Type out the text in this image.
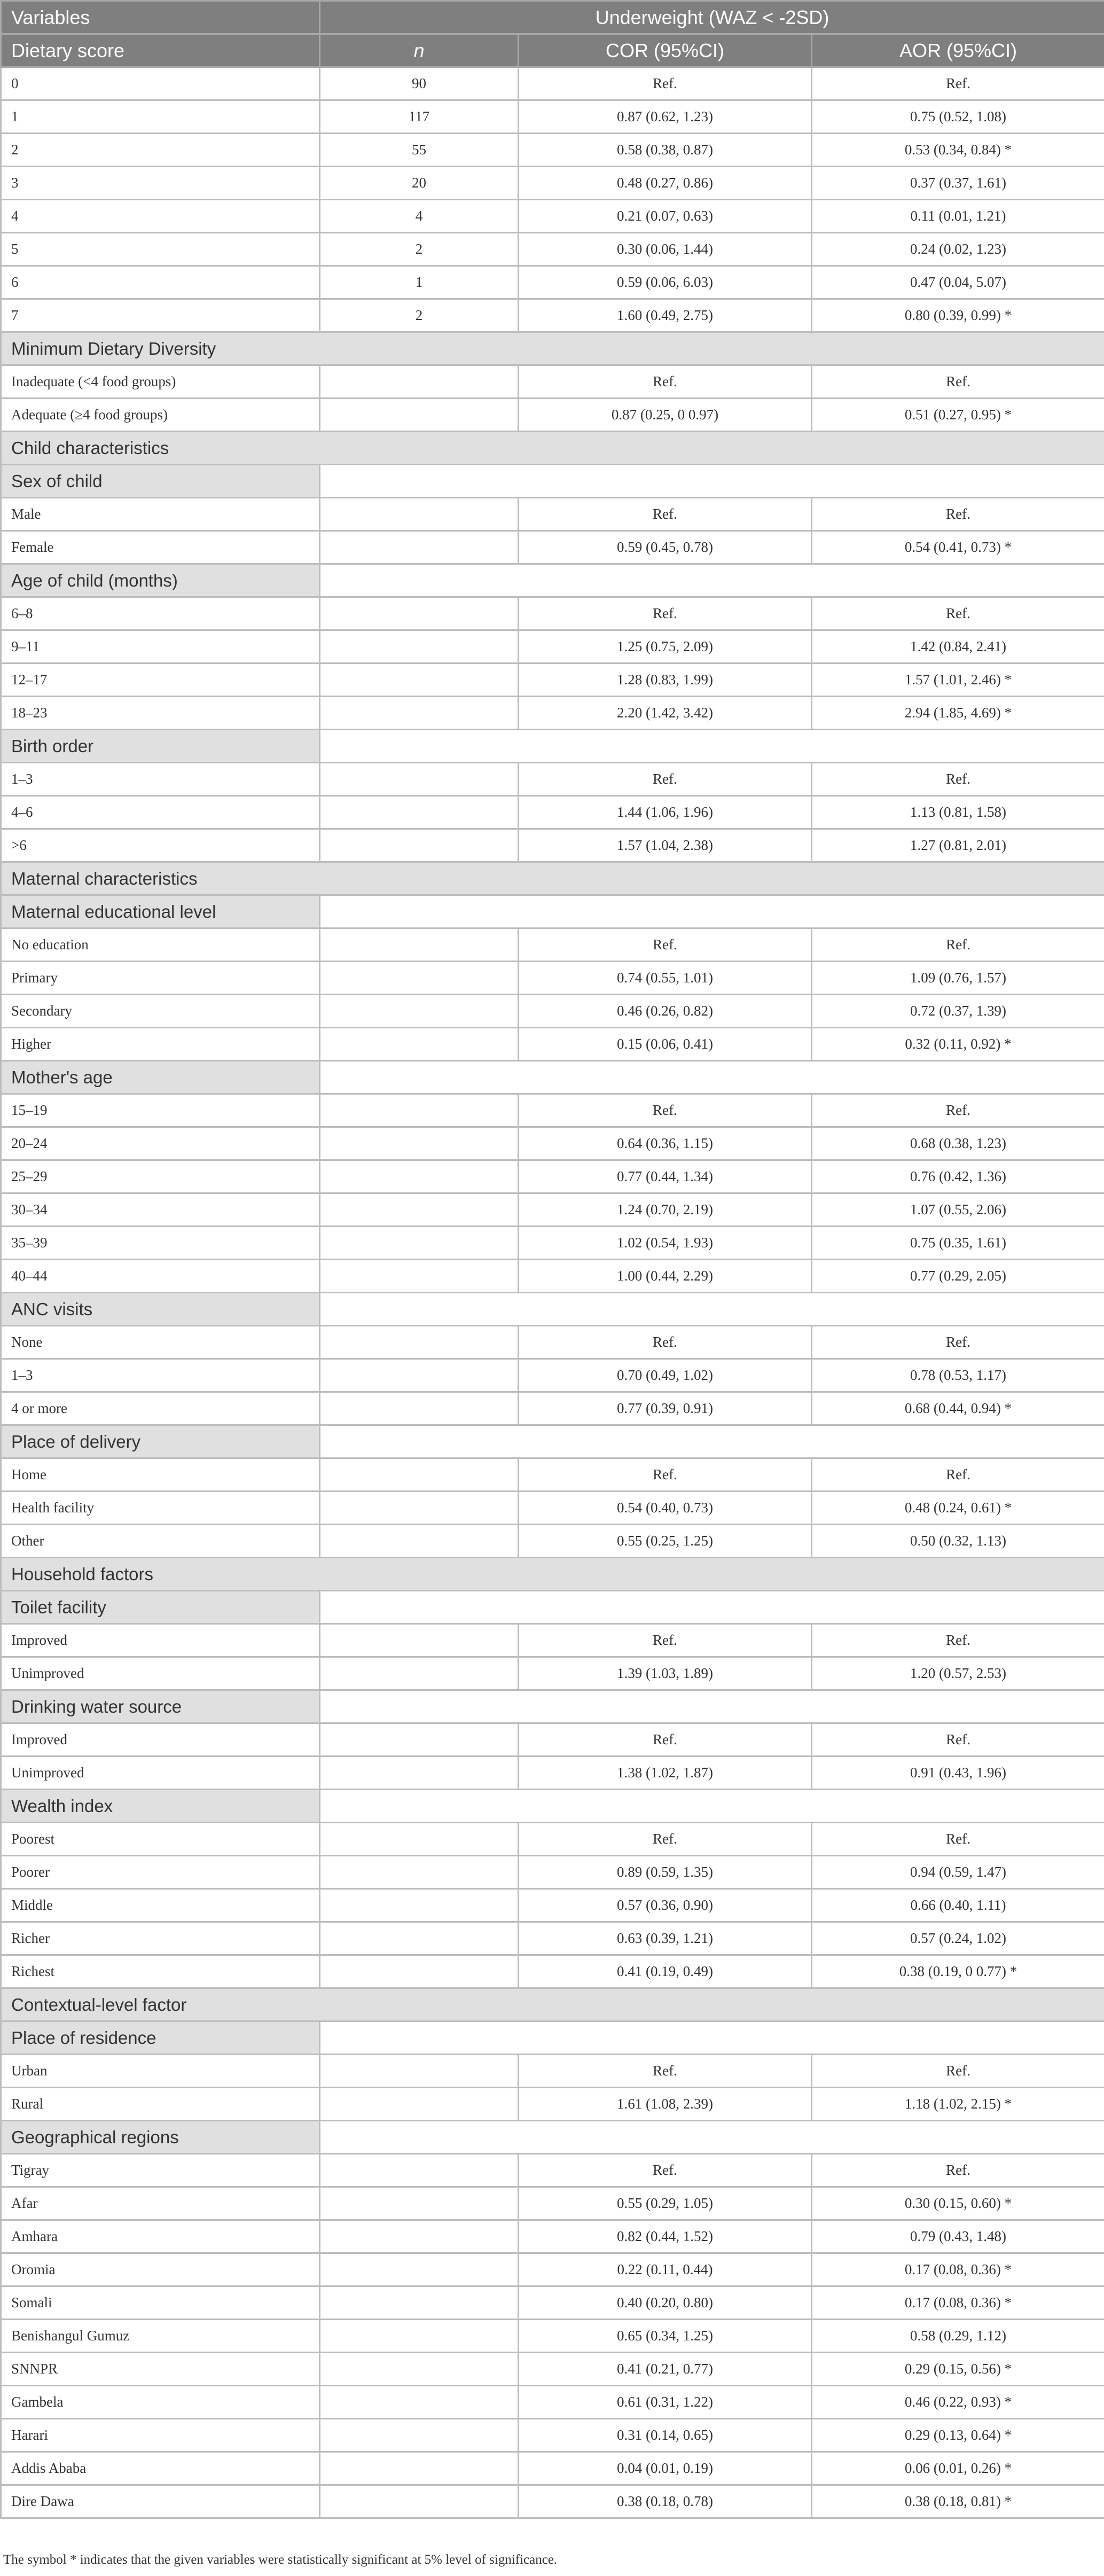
Variables	Underweight (WAZ < -2SD)		
Dietary score	n	COR (95%CI)	AOR (95%CI)
0	90	Ref.	Ref.
1	117	0.87 (0.62, 1.23)	0.75 (0.52, 1.08)
2	55	0.58 (0.38, 0.87)	0.53 (0.34, 0.84) *
3	20	0.48 (0.27, 0.86)	0.37 (0.37, 1.61)
4	4	0.21 (0.07, 0.63)	0.11 (0.01, 1.21)
5	2	0.30 (0.06, 1.44)	0.24 (0.02, 1.23)
6	1	0.59 (0.06, 6.03)	0.47 (0.04, 5.07)
7	2	1.60 (0.49, 2.75)	0.80 (0.39, 0.99) *
Minimum Dietary Diversity			
Inadequate (<4 food groups)		Ref.	Ref.
Adequate (≥4 food groups)		0.87 (0.25, 0 0.97)	0.51 (0.27, 0.95) *
Child characteristics			
Sex of child			
Male		Ref.	Ref.
Female		0.59 (0.45, 0.78)	0.54 (0.41, 0.73) *
Age of child (months)			
6–8		Ref.	Ref.
9–11		1.25 (0.75, 2.09)	1.42 (0.84, 2.41)
12–17		1.28 (0.83, 1.99)	1.57 (1.01, 2.46) *
18–23		2.20 (1.42, 3.42)	2.94 (1.85, 4.69) *
Birth order			
1–3		Ref.	Ref.
4–6		1.44 (1.06, 1.96)	1.13 (0.81, 1.58)
>6		1.57 (1.04, 2.38)	1.27 (0.81, 2.01)
Maternal characteristics			
Maternal educational level			
No education		Ref.	Ref.
Primary		0.74 (0.55, 1.01)	1.09 (0.76, 1.57)
Secondary		0.46 (0.26, 0.82)	0.72 (0.37, 1.39)
Higher		0.15 (0.06, 0.41)	0.32 (0.11, 0.92) *
Mother's age			
15–19		Ref.	Ref.
20–24		0.64 (0.36, 1.15)	0.68 (0.38, 1.23)
25–29		0.77 (0.44, 1.34)	0.76 (0.42, 1.36)
30–34		1.24 (0.70, 2.19)	1.07 (0.55, 2.06)
35–39		1.02 (0.54, 1.93)	0.75 (0.35, 1.61)
40–44		1.00 (0.44, 2.29)	0.77 (0.29, 2.05)
ANC visits			
None		Ref.	Ref.
1–3		0.70 (0.49, 1.02)	0.78 (0.53, 1.17)
4 or more		0.77 (0.39, 0.91)	0.68 (0.44, 0.94) *
Place of delivery			
Home		Ref.	Ref.
Health facility		0.54 (0.40, 0.73)	0.48 (0.24, 0.61) *
Other		0.55 (0.25, 1.25)	0.50 (0.32, 1.13)
Household factors			
Toilet facility			
Improved		Ref.	Ref.
Unimproved		1.39 (1.03, 1.89)	1.20 (0.57, 2.53)
Drinking water source			
Improved		Ref.	Ref.
Unimproved		1.38 (1.02, 1.87)	0.91 (0.43, 1.96)
Wealth index			
Poorest		Ref.	Ref.
Poorer		0.89 (0.59, 1.35)	0.94 (0.59, 1.47)
Middle		0.57 (0.36, 0.90)	0.66 (0.40, 1.11)
Richer		0.63 (0.39, 1.21)	0.57 (0.24, 1.02)
Richest		0.41 (0.19, 0.49)	0.38 (0.19, 0 0.77) *
Contextual-level factor			
Place of residence			
Urban		Ref.	Ref.
Rural		1.61 (1.08, 2.39)	1.18 (1.02, 2.15) *
Geographical regions			
Tigray		Ref.	Ref.
Afar		0.55 (0.29, 1.05)	0.30 (0.15, 0.60) *
Amhara		0.82 (0.44, 1.52)	0.79 (0.43, 1.48)
Oromia		0.22 (0.11, 0.44)	0.17 (0.08, 0.36) *
Somali		0.40 (0.20, 0.80)	0.17 (0.08, 0.36) *
Benishangul Gumuz		0.65 (0.34, 1.25)	0.58 (0.29, 1.12)
SNNPR		0.41 (0.21, 0.77)	0.29 (0.15, 0.56) *
Gambela		0.61 (0.31, 1.22)	0.46 (0.22, 0.93) *
Harari		0.31 (0.14, 0.65)	0.29 (0.13, 0.64) *
Addis Ababa		0.04 (0.01, 0.19)	0.06 (0.01, 0.26) *
Dire Dawa		0.38 (0.18, 0.78)	0.38 (0.18, 0.81) *
The symbol * indicates that the given variables were statistically significant at 5% level of significance.
